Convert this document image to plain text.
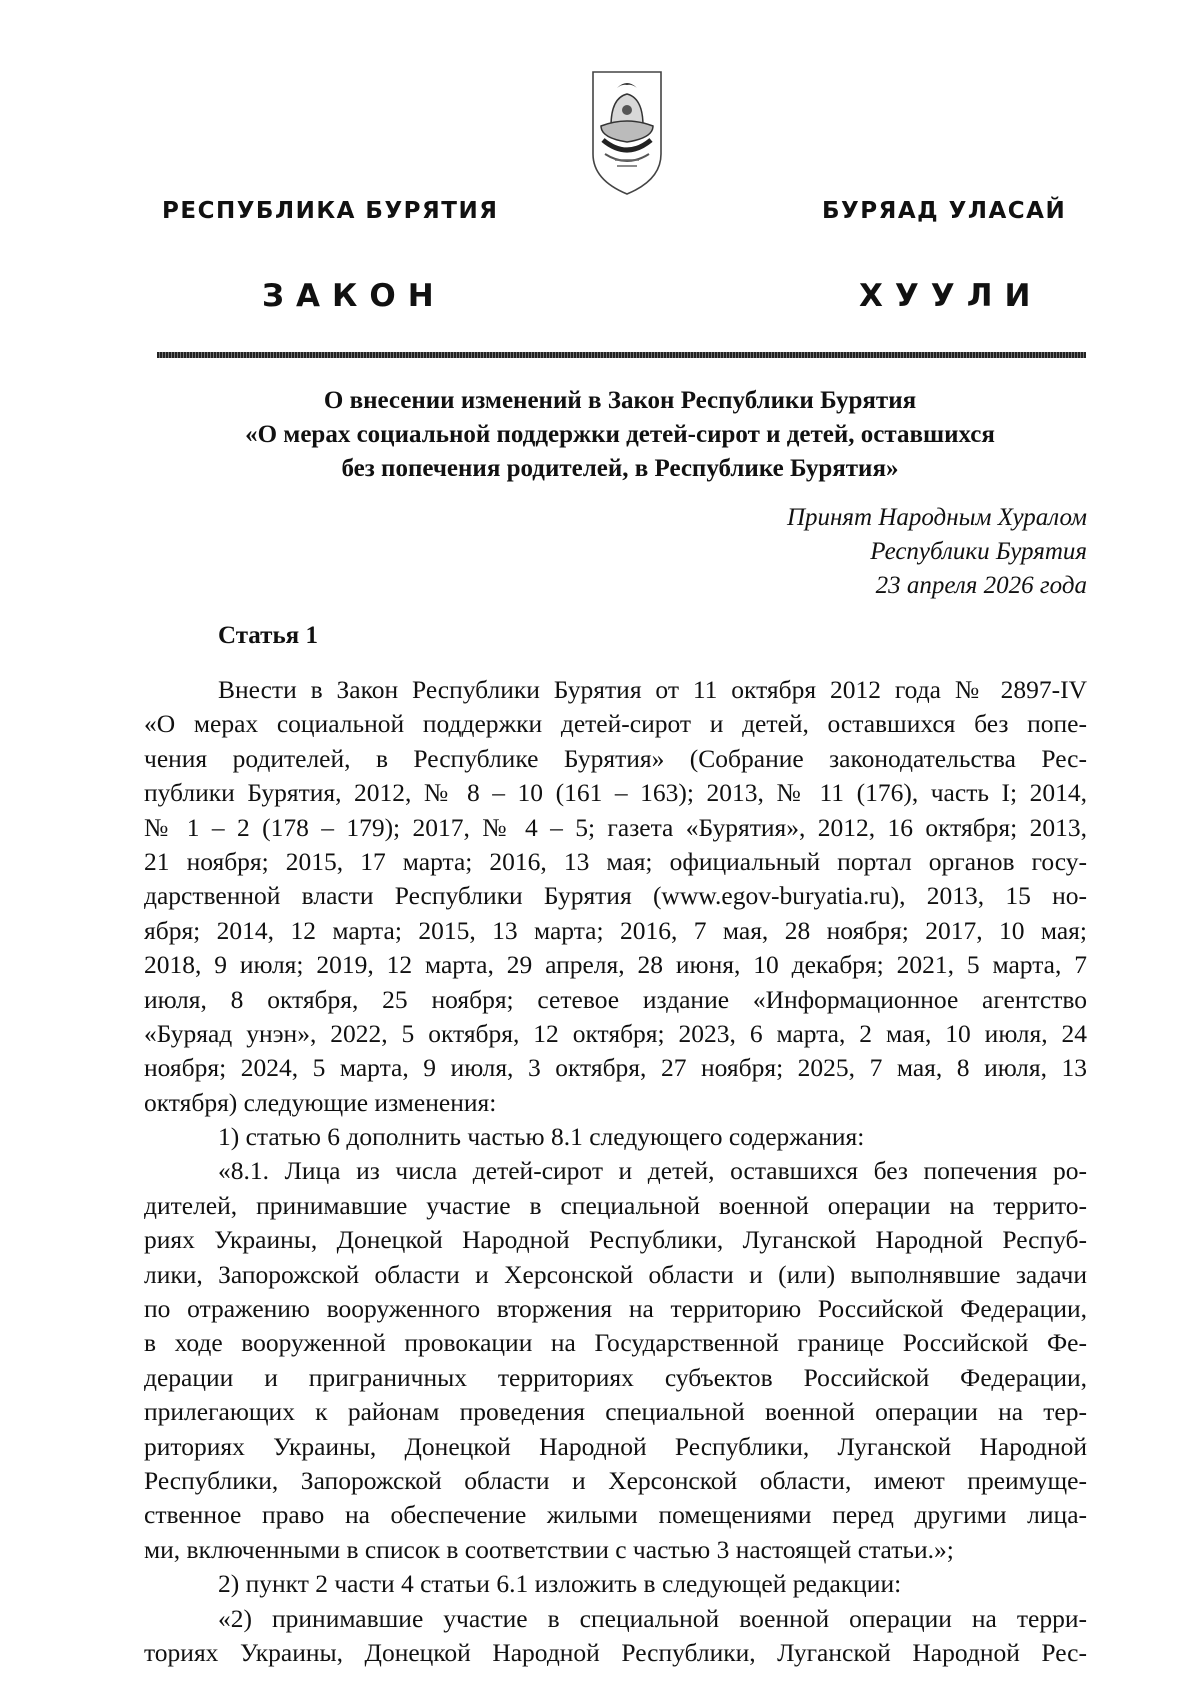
РЕСПУБЛИКА БУРЯТИЯ	БУРЯАД УЛАСАЙ
ЗАКОН	ХУУЛИ
О внесении изменений в Закон Республики Бурятия
«О мерах социальной поддержки детей-сирот и детей, оставшихся
без попечения родителей, в Республике Бурятия»
Принят Народным Хуралом
Республики Бурятия
23 апреля 2026 года
Статья 1
Внести в Закон Республики Бурятия от 11 октября 2012 года № 2897-IV
«О мерах социальной поддержки детей-сирот и детей, оставшихся без попе-
чения родителей, в Республике Бурятия» (Собрание законодательства Рес-
публики Бурятия, 2012, № 8 – 10 (161 – 163); 2013, № 11 (176), часть I; 2014,
№ 1 – 2 (178 – 179); 2017, № 4 – 5; газета «Бурятия», 2012, 16 октября; 2013,
21 ноября; 2015, 17 марта; 2016, 13 мая; официальный портал органов госу-
дарственной власти Республики Бурятия (www.egov-buryatia.ru), 2013, 15 но-
ября; 2014, 12 марта; 2015, 13 марта; 2016, 7 мая, 28 ноября; 2017, 10 мая;
2018, 9 июля; 2019, 12 марта, 29 апреля, 28 июня, 10 декабря; 2021, 5 марта, 7
июля, 8 октября, 25 ноября; сетевое издание «Информационное агентство
«Буряад унэн», 2022, 5 октября, 12 октября; 2023, 6 марта, 2 мая, 10 июля, 24
ноября; 2024, 5 марта, 9 июля, 3 октября, 27 ноября; 2025, 7 мая, 8 июля, 13
октября) следующие изменения:
1) статью 6 дополнить частью 8.1 следующего содержания:
«8.1. Лица из числа детей-сирот и детей, оставшихся без попечения ро-
дителей, принимавшие участие в специальной военной операции на террито-
риях Украины, Донецкой Народной Республики, Луганской Народной Респуб-
лики, Запорожской области и Херсонской области и (или) выполнявшие задачи
по отражению вооруженного вторжения на территорию Российской Федерации,
в ходе вооруженной провокации на Государственной границе Российской Фе-
дерации и приграничных территориях субъектов Российской Федерации,
прилегающих к районам проведения специальной военной операции на тер-
риториях Украины, Донецкой Народной Республики, Луганской Народной
Республики, Запорожской области и Херсонской области, имеют преимуще-
ственное право на обеспечение жилыми помещениями перед другими лица-
ми, включенными в список в соответствии с частью 3 настоящей статьи.»;
2) пункт 2 части 4 статьи 6.1 изложить в следующей редакции:
«2) принимавшие участие в специальной военной операции на терри-
ториях Украины, Донецкой Народной Республики, Луганской Народной Рес-
